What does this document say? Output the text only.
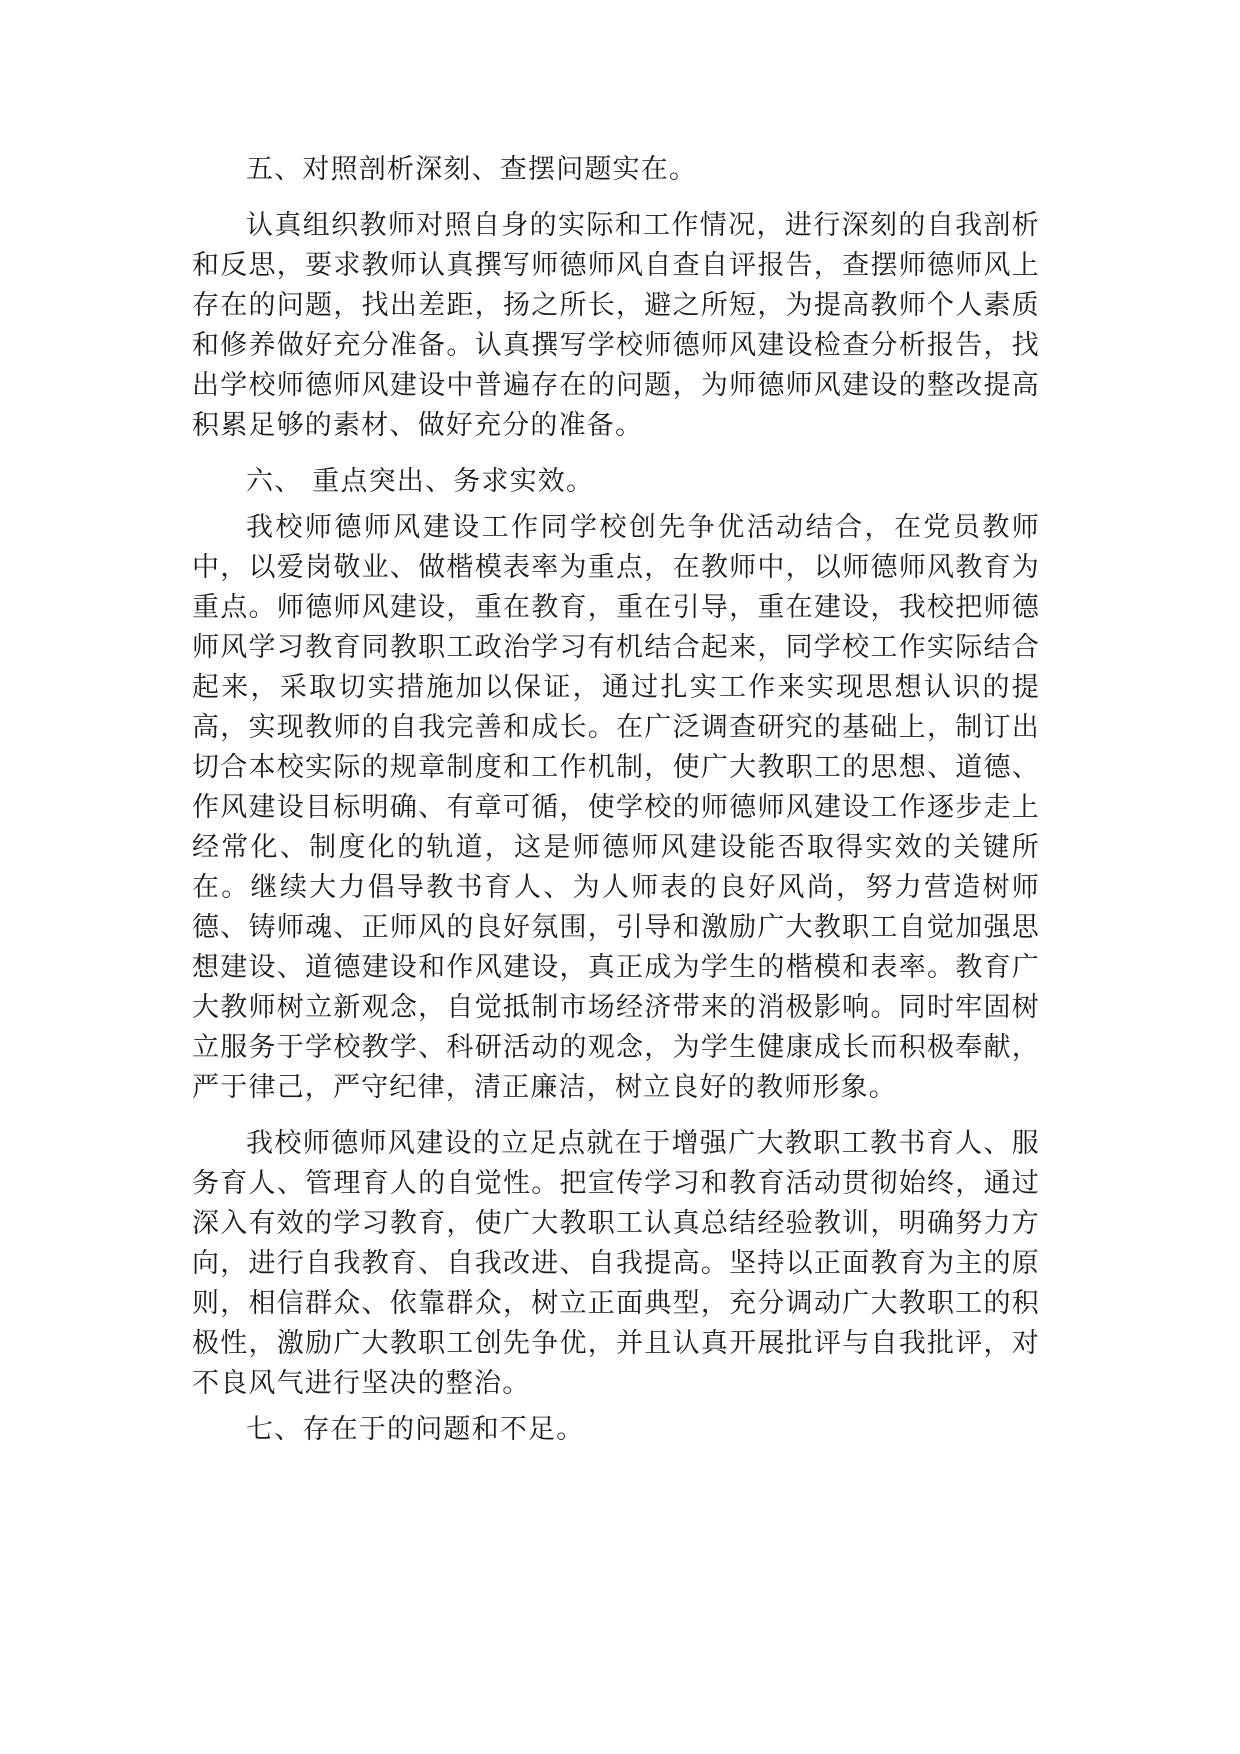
五、对照剖析深刻、查摆问题实在。

认真组织教师对照自身的实际和工作情况，进行深刻的自我剖析和反思，要求教师认真撰写师德师风自查自评报告，查摆师德师风上存在的问题，找出差距，扬之所长，避之所短，为提高教师个人素质和修养做好充分准备。认真撰写学校师德师风建设检查分析报告，找出学校师德师风建设中普遍存在的问题，为师德师风建设的整改提高积累足够的素材、做好充分的准备。

六、 重点突出、务求实效。

我校师德师风建设工作同学校创先争优活动结合，在党员教师中，以爱岗敬业、做楷模表率为重点，在教师中，以师德师风教育为重点。师德师风建设，重在教育，重在引导，重在建设，我校把师德师风学习教育同教职工政治学习有机结合起来，同学校工作实际结合起来，采取切实措施加以保证，通过扎实工作来实现思想认识的提高，实现教师的自我完善和成长。在广泛调查研究的基础上，制订出切合本校实际的规章制度和工作机制，使广大教职工的思想、道德、作风建设目标明确、有章可循，使学校的师德师风建设工作逐步走上经常化、制度化的轨道，这是师德师风建设能否取得实效的关键所在。继续大力倡导教书育人、为人师表的良好风尚，努力营造树师德、铸师魂、正师风的良好氛围，引导和激励广大教职工自觉加强思想建设、道德建设和作风建设，真正成为学生的楷模和表率。教育广大教师树立新观念，自觉抵制市场经济带来的消极影响。同时牢固树立服务于学校教学、科研活动的观念，为学生健康成长而积极奉献，严于律己，严守纪律，清正廉洁，树立良好的教师形象。

我校师德师风建设的立足点就在于增强广大教职工教书育人、服务育人、管理育人的自觉性。把宣传学习和教育活动贯彻始终，通过深入有效的学习教育，使广大教职工认真总结经验教训，明确努力方向，进行自我教育、自我改进、自我提高。坚持以正面教育为主的原则，相信群众、依靠群众，树立正面典型，充分调动广大教职工的积极性，激励广大教职工创先争优，并且认真开展批评与自我批评，对不良风气进行坚决的整治。

七、存在于的问题和不足。
